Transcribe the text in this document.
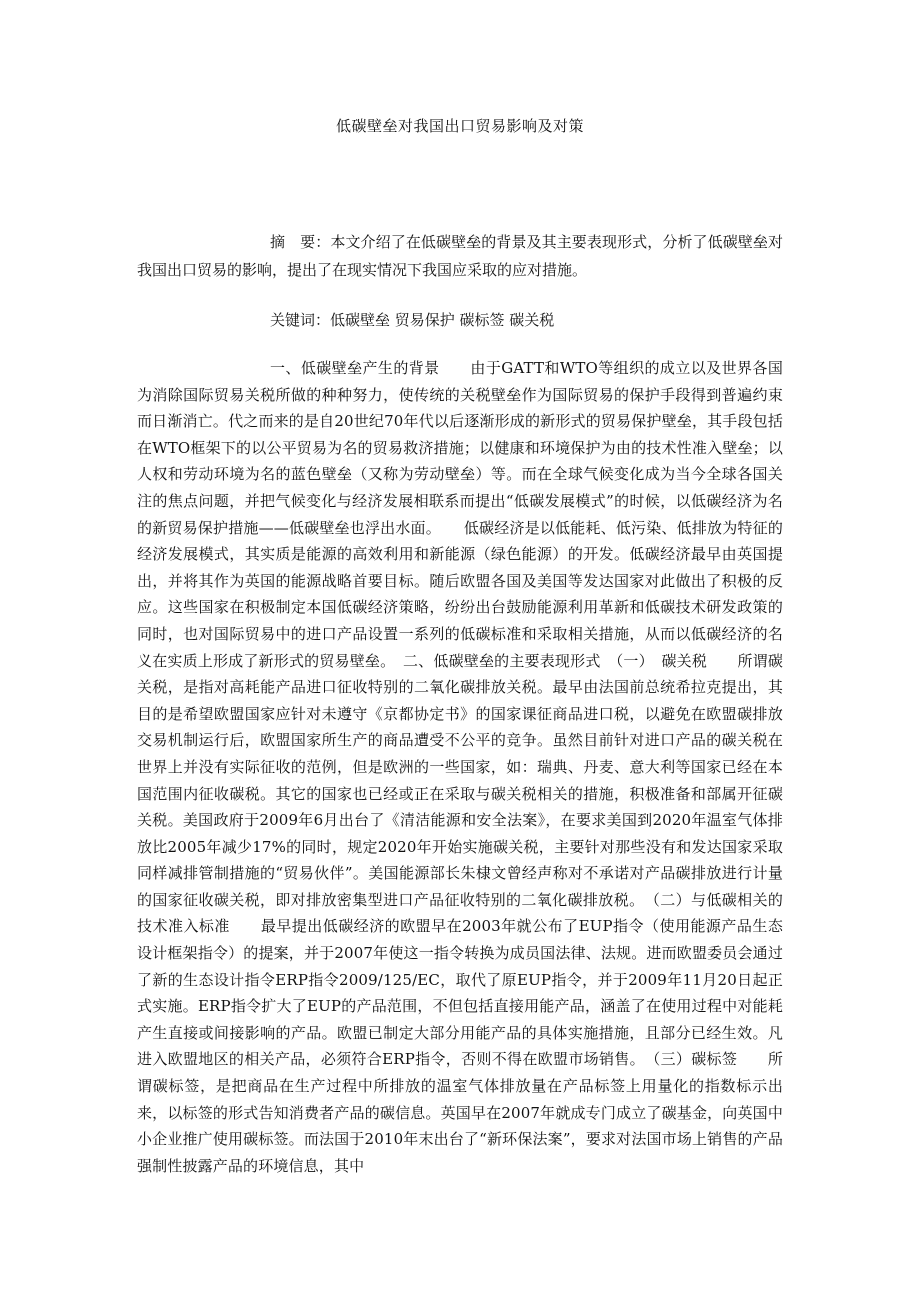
低碳壁垒对我国出口贸易影响及对策
摘　要：本文介绍了在低碳壁垒的背景及其主要表现形式，分析了低碳壁垒对我国出口贸易的影响，提出了在现实情况下我国应采取的应对措施。
关键词：低碳壁垒 贸易保护 碳标签 碳关税
一、低碳壁垒产生的背景　　由于GATT和WTO等组织的成立以及世界各国为消除国际贸易关税所做的种种努力，使传统的关税壁垒作为国际贸易的保护手段得到普遍约束而日渐消亡。代之而来的是自20世纪70年代以后逐渐形成的新形式的贸易保护壁垒，其手段包括在WTO框架下的以公平贸易为名的贸易救济措施；以健康和环境保护为由的技术性准入壁垒；以人权和劳动环境为名的蓝色壁垒（又称为劳动壁垒）等。而在全球气候变化成为当今全球各国关注的焦点问题，并把气候变化与经济发展相联系而提出“低碳发展模式”的时候，以低碳经济为名的新贸易保护措施——低碳壁垒也浮出水面。　　低碳经济是以低能耗、低污染、低排放为特征的经济发展模式，其实质是能源的高效利用和新能源（绿色能源）的开发。低碳经济最早由英国提出，并将其作为英国的能源战略首要目标。随后欧盟各国及美国等发达国家对此做出了积极的反应。这些国家在积极制定本国低碳经济策略，纷纷出台鼓励能源利用革新和低碳技术研发政策的同时，也对国际贸易中的进口产品设置一系列的低碳标准和采取相关措施，从而以低碳经济的名义在实质上形成了新形式的贸易壁垒。　二、低碳壁垒的主要表现形式　（一）　碳关税　　所谓碳关税，是指对高耗能产品进口征收特别的二氧化碳排放关税。最早由法国前总统希拉克提出，其目的是希望欧盟国家应针对未遵守《京都协定书》的国家课征商品进口税，以避免在欧盟碳排放交易机制运行后，欧盟国家所生产的商品遭受不公平的竞争。虽然目前针对进口产品的碳关税在世界上并没有实际征收的范例，但是欧洲的一些国家，如：瑞典、丹麦、意大利等国家已经在本国范围内征收碳税。其它的国家也已经或正在采取与碳关税相关的措施，积极准备和部属开征碳关税。美国政府于2009年6月出台了《清洁能源和安全法案》，在要求美国到2020年温室气体排放比2005年减少17%的同时，规定2020年开始实施碳关税，主要针对那些没有和发达国家采取同样减排管制措施的“贸易伙伴”。美国能源部长朱棣文曾经声称对不承诺对产品碳排放进行计量的国家征收碳关税，即对排放密集型进口产品征收特别的二氧化碳排放税。　（二）与低碳相关的技术准入标准　　最早提出低碳经济的欧盟早在2003年就公布了EUP指令（使用能源产品生态设计框架指令）的提案，并于2007年使这一指令转换为成员国法律、法规。进而欧盟委员会通过了新的生态设计指令ERP指令2009/125/EC，取代了原EUP指令，并于2009年11月20日起正式实施。ERP指令扩大了EUP的产品范围，不但包括直接用能产品，涵盖了在使用过程中对能耗产生直接或间接影响的产品。欧盟已制定大部分用能产品的具体实施措施，且部分已经生效。凡进入欧盟地区的相关产品，必须符合ERP指令，否则不得在欧盟市场销售。　（三）碳标签　　所谓碳标签，是把商品在生产过程中所排放的温室气体排放量在产品标签上用量化的指数标示出来，以标签的形式告知消费者产品的碳信息。英国早在2007年就成专门成立了碳基金，向英国中小企业推广使用碳标签。而法国于2010年末出台了“新环保法案”，要求对法国市场上销售的产品强制性披露产品的环境信息，其中
